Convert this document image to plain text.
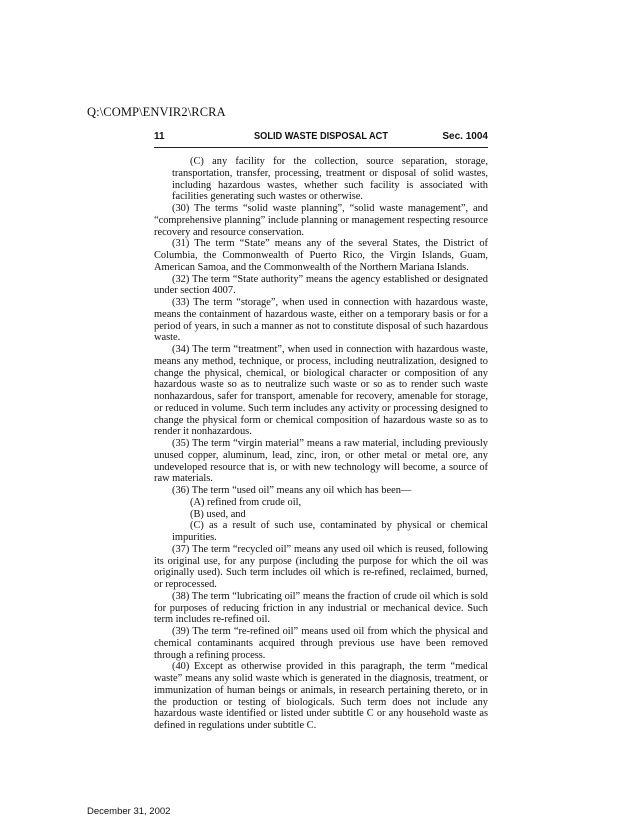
Q:\COMP\ENVIR2\RCRA
11	SOLID WASTE DISPOSAL ACT	Sec. 1004

(C) any facility for the collection, source separation, storage, transportation, transfer, processing, treatment or disposal of solid wastes, including hazardous wastes, whether such facility is associated with facilities generating such wastes or otherwise.

(30) The terms “solid waste planning”, “solid waste management”, and “comprehensive planning” include planning or management respecting resource recovery and resource conservation.

(31) The term “State” means any of the several States, the District of Columbia, the Commonwealth of Puerto Rico, the Virgin Islands, Guam, American Samoa, and the Commonwealth of the Northern Mariana Islands.

(32) The term “State authority” means the agency established or designated under section 4007.

(33) The term “storage”, when used in connection with hazardous waste, means the containment of hazardous waste, either on a temporary basis or for a period of years, in such a manner as not to constitute disposal of such hazardous waste.

(34) The term “treatment”, when used in connection with hazardous waste, means any method, technique, or process, including neutralization, designed to change the physical, chemical, or biological character or composition of any hazardous waste so as to neutralize such waste or so as to render such waste nonhazardous, safer for transport, amenable for recovery, amenable for storage, or reduced in volume. Such term includes any activity or processing designed to change the physical form or chemical composition of hazardous waste so as to render it nonhazardous.

(35) The term “virgin material” means a raw material, including previously unused copper, aluminum, lead, zinc, iron, or other metal or metal ore, any undeveloped resource that is, or with new technology will become, a source of raw materials.

(36) The term “used oil” means any oil which has been—

(A) refined from crude oil,

(B) used, and

(C) as a result of such use, contaminated by physical or chemical impurities.

(37) The term “recycled oil” means any used oil which is reused, following its original use, for any purpose (including the purpose for which the oil was originally used). Such term includes oil which is re-refined, reclaimed, burned, or reprocessed.

(38) The term “lubricating oil” means the fraction of crude oil which is sold for purposes of reducing friction in any industrial or mechanical device. Such term includes re-refined oil.

(39) The term “re-refined oil” means used oil from which the physical and chemical contaminants acquired through previous use have been removed through a refining process.

(40) Except as otherwise provided in this paragraph, the term “medical waste” means any solid waste which is generated in the diagnosis, treatment, or immunization of human beings or animals, in research pertaining thereto, or in the production or testing of biologicals. Such term does not include any hazardous waste identified or listed under subtitle C or any household waste as defined in regulations under subtitle C.

December 31, 2002
